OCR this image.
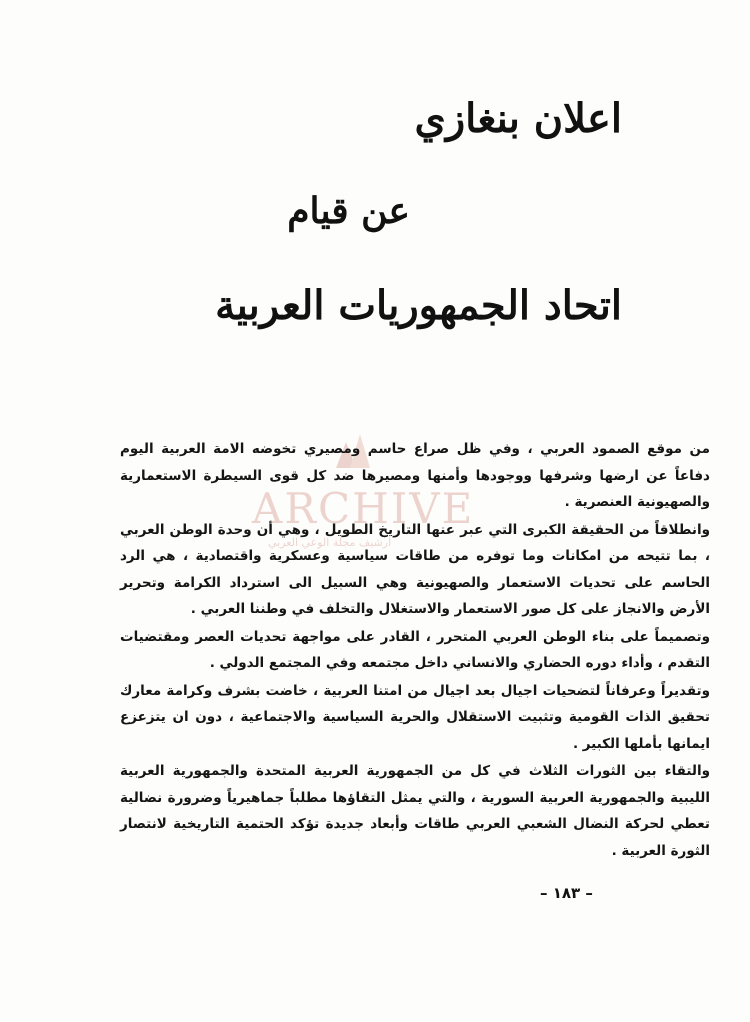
اعلان بنغازي
عن قيام
اتحاد الجمهوريات العربية
ARCHIVE
أرشيف مجلة الوعي العربي

من موقع الصمود العربي ، وفي ظل صراع حاسم ومصيري تخوضه الامة العربية اليوم دفاعاً عن ارضها وشرفها ووجودها وأمنها ومصيرها ضد كل قوى السيطرة الاستعمارية والصهيونية العنصرية .

وانطلاقاً من الحقيقة الكبرى التي عبر عنها التاريخ الطويل ، وهي أن وحدة الوطن العربي ، بما تتيحه من امكانات وما توفره من طاقات سياسية وعسكرية واقتصادية ، هي الرد الحاسم على تحديات الاستعمار والصهيونية وهي السبيل الى استرداد الكرامة وتحرير الأرض والانجاز على كل صور الاستعمار والاستغلال والتخلف في وطننا العربي .

وتصميماً على بناء الوطن العربي المتحرر ، القادر على مواجهة تحديات العصر ومقتضيات التقدم ، وأداء دوره الحضاري والانساني داخل مجتمعه وفي المجتمع الدولي .

وتقديراً وعرفاناً لتضحيات اجيال بعد اجيال من امتنا العربية ، خاضت بشرف وكرامة معارك تحقيق الذات القومية وتثبيت الاستقلال والحرية السياسية والاجتماعية ، دون ان يتزعزع ايمانها بأملها الكبير .

والتقاء بين الثورات الثلاث في كل من الجمهورية العربية المتحدة والجمهورية العربية الليبية والجمهورية العربية السورية ، والتي يمثل التقاؤها مطلباً جماهيرياً وضرورة نضالية تعطي لحركة النضال الشعبي العربي طاقات وأبعاد جديدة تؤكد الحتمية التاريخية لانتصار الثورة العربية .

– ١٨٣ –
